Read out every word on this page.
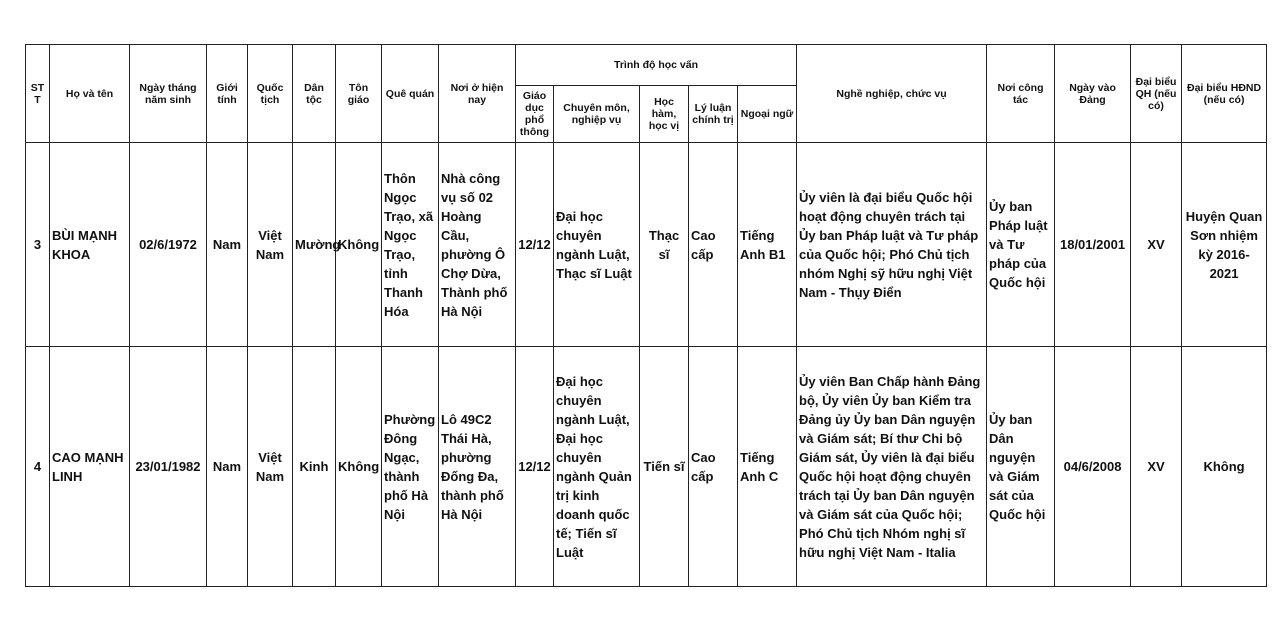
ST T	Họ và tên	Ngày tháng năm sinh	Giới tính	Quốc tịch	Dân tộc	Tôn giáo	Quê quán	Nơi ở hiện nay	Trình độ học vấn					Nghề nghiệp, chức vụ	Nơi công tác	Ngày vào Đảng	Đại biểu QH (nếu có)	Đại biểu HĐND (nếu có)
									Giáo dục phổ thông	Chuyên môn, nghiệp vụ	Học hàm, học vị	Lý luận chính trị	Ngoại ngữ					
3	BÙI MẠNH KHOA	02/6/1972	Nam	Việt Nam	Mường	Không	Thôn Ngọc Trạo, xã Ngọc Trạo, tỉnh Thanh Hóa	Nhà công vụ số 02 Hoàng Cầu, phường Ô Chợ Dừa, Thành phố Hà Nội	12/12	Đại học chuyên ngành Luật, Thạc sĩ Luật	Thạc sĩ	Cao cấp	Tiếng Anh B1	Ủy viên là đại biểu Quốc hội hoạt động chuyên trách tại Ủy ban Pháp luật và Tư pháp của Quốc hội; Phó Chủ tịch nhóm Nghị sỹ hữu nghị Việt Nam - Thụy Điển	Ủy ban Pháp luật và Tư pháp của Quốc hội	18/01/2001	XV	Huyện Quan Sơn nhiệm kỳ 2016-2021
4	CAO MẠNH LINH	23/01/1982	Nam	Việt Nam	Kinh	Không	Phường Đông Ngạc, thành phố Hà Nội	Lô 49C2 Thái Hà, phường Đống Đa, thành phố Hà Nội	12/12	Đại học chuyên ngành Luật, Đại học chuyên ngành Quản trị kinh doanh quốc tế; Tiến sĩ Luật	Tiến sĩ	Cao cấp	Tiếng Anh C	Ủy viên Ban Chấp hành Đảng bộ, Ủy viên Ủy ban Kiểm tra Đảng ủy Ủy ban Dân nguyện và Giám sát; Bí thư Chi bộ Giám sát, Ủy viên là đại biểu Quốc hội hoạt động chuyên trách tại Ủy ban Dân nguyện và Giám sát của Quốc hội; Phó Chủ tịch Nhóm nghị sĩ hữu nghị Việt Nam - Italia	Ủy ban Dân nguyện và Giám sát của Quốc hội	04/6/2008	XV	Không
